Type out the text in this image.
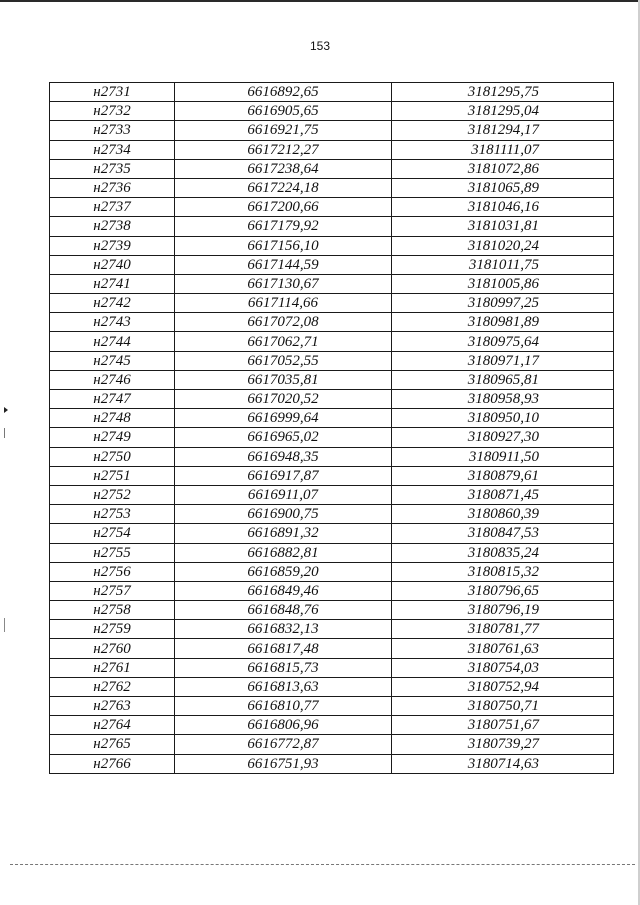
153
н2731	6616892,65	3181295,75
н2732	6616905,65	3181295,04
н2733	6616921,75	3181294,17
н2734	6617212,27	3181111,07
н2735	6617238,64	3181072,86
н2736	6617224,18	3181065,89
н2737	6617200,66	3181046,16
н2738	6617179,92	3181031,81
н2739	6617156,10	3181020,24
н2740	6617144,59	3181011,75
н2741	6617130,67	3181005,86
н2742	6617114,66	3180997,25
н2743	6617072,08	3180981,89
н2744	6617062,71	3180975,64
н2745	6617052,55	3180971,17
н2746	6617035,81	3180965,81
н2747	6617020,52	3180958,93
н2748	6616999,64	3180950,10
н2749	6616965,02	3180927,30
н2750	6616948,35	3180911,50
н2751	6616917,87	3180879,61
н2752	6616911,07	3180871,45
н2753	6616900,75	3180860,39
н2754	6616891,32	3180847,53
н2755	6616882,81	3180835,24
н2756	6616859,20	3180815,32
н2757	6616849,46	3180796,65
н2758	6616848,76	3180796,19
н2759	6616832,13	3180781,77
н2760	6616817,48	3180761,63
н2761	6616815,73	3180754,03
н2762	6616813,63	3180752,94
н2763	6616810,77	3180750,71
н2764	6616806,96	3180751,67
н2765	6616772,87	3180739,27
н2766	6616751,93	3180714,63
